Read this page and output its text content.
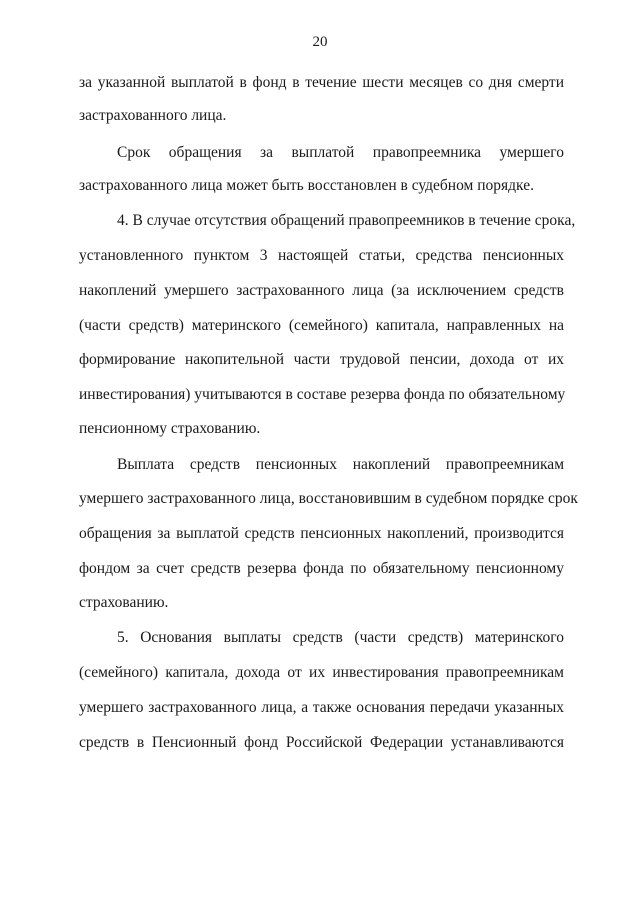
20
за указанной выплатой в фонд в течение шести месяцев со дня смерти
застрахованного лица.
Срок обращения за выплатой правопреемника умершего
застрахованного лица может быть восстановлен в судебном порядке.
4. В случае отсутствия обращений правопреемников в течение срока,
установленного пунктом 3 настоящей статьи, средства пенсионных
накоплений умершего застрахованного лица (за исключением средств
(части средств) материнского (семейного) капитала, направленных на
формирование накопительной части трудовой пенсии, дохода от их
инвестирования) учитываются в составе резерва фонда по обязательному
пенсионному страхованию.
Выплата средств пенсионных накоплений правопреемникам
умершего застрахованного лица, восстановившим в судебном порядке срок
обращения за выплатой средств пенсионных накоплений, производится
фондом за счет средств резерва фонда по обязательному пенсионному
страхованию.
5. Основания выплаты средств (части средств) материнского
(семейного) капитала, дохода от их инвестирования правопреемникам
умершего застрахованного лица, а также основания передачи указанных
средств в Пенсионный фонд Российской Федерации устанавливаются
